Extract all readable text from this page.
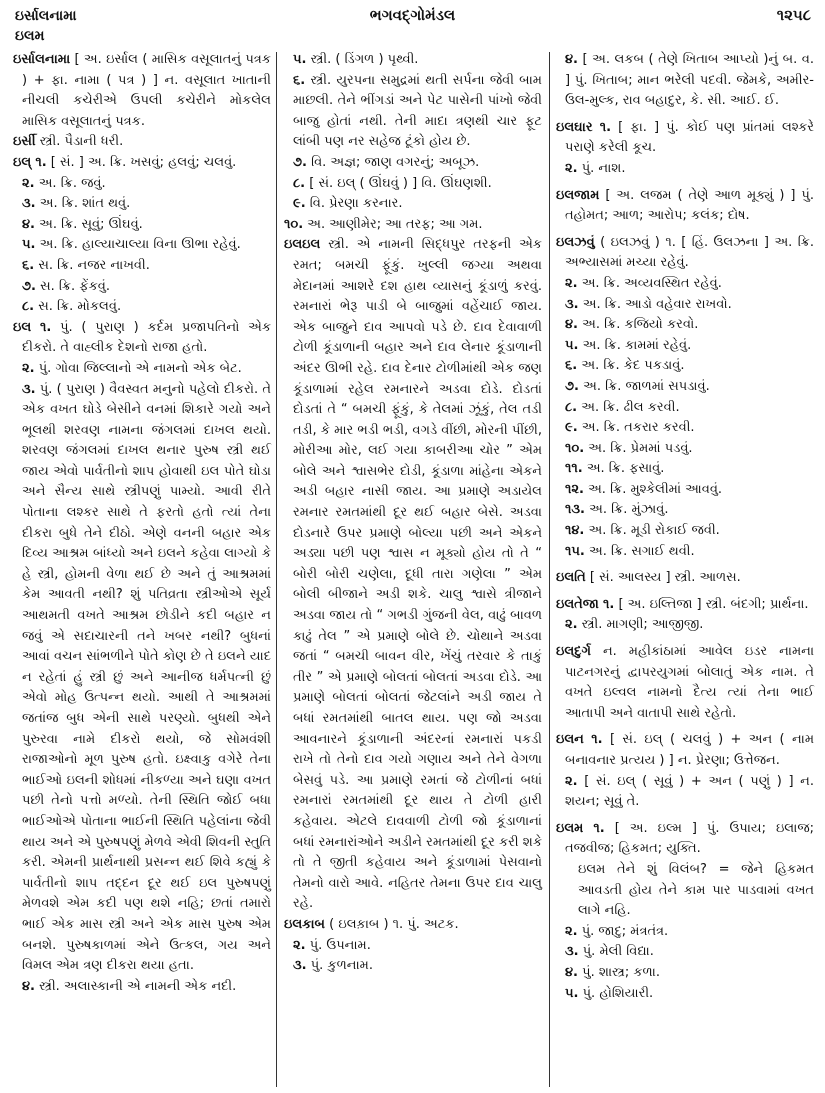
ઇર્સાલનામા
ઇલમ
ભગવદ્ગોમંડલ	૧૨૫૮

ઇર્સાલનામા [ અ. ઇર્સાલ ( માસિક વસૂલાતનું પત્રક ) + ફા. નામા ( પત્ર ) ] ન. વસૂલાત ખાતાની નીચલી કચેરીએ ઉપલી કચેરીને મોકલેલ માસિક વસૂલાતનું પત્રક.

ઇર્સી સ્ત્રી. પૈડાની ધરી.

ઇલ્ ૧. [ સં. ] અ. ક્રિ. ખસવું; હલવું; ચલવું.

૨. અ. ક્રિ. જવું.

૩. અ. ક્રિ. શાંત થવું.

૪. અ. ક્રિ. સૂવું; ઊંઘવું.

૫. અ. ક્રિ. હાલ્યાચાલ્યા વિના ઊભા રહેવું.

૬. સ. ક્રિ. નજર નાખવી.

૭. સ. ક્રિ. ફેંકવું.

૮. સ. ક્રિ. મોકલવું.

ઇલ ૧. પું. ( પુરાણ ) કર્દમ પ્રજાપતિનો એક દીકરો. તે વાહ્લીક દેશનો રાજા હતો.

૨. પું. ગોવા જિલ્લાનો એ નામનો એક બેટ.

૩. પું. ( પુરાણ ) વૈવસ્વત મનુનો પહેલો દીકરો. તે એક વખત ઘોડે બેસીને વનમાં શિકારે ગયો અને ભૂલથી શરવણ નામના જંગલમાં દાખલ થયો. શરવણ જંગલમાં દાખલ થનાર પુરુષ સ્ત્રી થઈ જાય એવો પાર્વતીનો શાપ હોવાથી ઇલ પોતે ઘોડા અને સૈન્ય સાથે સ્ત્રીપણું પામ્યો. આવી રીતે પોતાના લશ્કર સાથે તે ફરતો હતો ત્યાં તેના દીકરા બુધે તેને દીઠો. એણે વનની બહાર એક દિવ્ય આશ્રમ બાંધ્યો અને ઇલને કહેવા લાગ્યો કે હે સ્ત્રી, હોમની વેળા થઈ છે અને તું આશ્રમમાં કેમ આવતી નથી? શું પતિવ્રતા સ્ત્રીઓએ સૂર્ય આથમતી વખતે આશ્રમ છોડીને કદી બહાર ન જવું એ સદાચારની તને ખબર નથી? બુધનાં આવાં વચન સાંભળીને પોતે કોણ છે તે ઇલને યાદ ન રહેતાં હું સ્ત્રી છું અને આનીજ ધર્મપત્ની છું એવો મોહ ઉત્પન્ન થયો. આથી તે આશ્રમમાં જતાંજ બુધ એની સાથે પરણ્યો. બુધથી એને પુરુરવા નામે દીકરો થયો, જે સોમવંશી રાજાઓનો મૂળ પુરુષ હતો. ઇક્ષ્વાકુ વગેરે તેના ભાઈઓ ઇલની શોધમાં નીકળ્યા અને ઘણા વખત પછી તેનો પત્તો મળ્યો. તેની સ્થિતિ જોઈ બધા ભાઈઓએ પોતાના ભાઈની સ્થિતિ પહેલાંના જેવી થાય અને એ પુરુષપણું મેળવે એવી શિવની સ્તુતિ કરી. એમની પ્રાર્થનાથી પ્રસન્ન થઈ શિવે કહ્યું કે પાર્વતીનો શાપ તદ્દન દૂર થઈ ઇલ પુરુષપણું મેળવશે એમ કદી પણ થશે નહિ; છતાં તમારો ભાઈ એક માસ સ્ત્રી અને એક માસ પુરુષ એમ બનશે. પુરુષકાળમાં એને ઉત્કલ, ગય અને વિમલ એમ ત્રણ દીકરા થયા હતા.

૪. સ્ત્રી. અલાસ્કાની એ નામની એક નદી.

૫. સ્ત્રી. ( ડિંગળ ) પૃથ્વી.

૬. સ્ત્રી. યુરપના સમુદ્રમાં થતી સર્પના જેવી બામ માછલી. તેને ભીંગડાં અને પેટ પાસેની પાંખો જેવી બાજુ હોતાં નથી. તેની માદા ત્રણથી ચાર ફૂટ લાંબી પણ નર સહેજ ટૂંકો હોય છે.

૭. વિ. અજ્ઞ; જાણ વગરનું; અબૂઝ.

૮. [ સં. ઇલ્ ( ઊંઘવું ) ] વિ. ઊંઘણશી.

૯. વિ. પ્રેરણા કરનાર.

૧૦. અ. આણીમેર; આ તરફ; આ ગમ.

ઇલઇલ સ્ત્રી. એ નામની સિદ્ધપુર તરફની એક રમત; બમચી ફૂંકું. ખુલ્લી જગ્યા અથવા મેદાનમાં આશરે દશ હાથ વ્યાસનું કૂંડાળું કરવું. રમનારાં ભેરૂ પાડી બે બાજુમાં વહેંચાઈ જાય. એક બાજુને દાવ આપવો પડે છે. દાવ દેવાવાળી ટોળી કૂંડાળાની બહાર અને દાવ લેનાર કૂંડાળાની અંદર ઊભી રહે. દાવ દેનાર ટોળીમાંથી એક જણ કૂંડાળામાં રહેલ રમનારને અડવા દોડે. દોડતાં દોડતાં તે “ બમચી ફૂંકું, કે તેલમાં ઝૂંકું, તેલ તડી તડી, કે માર ભડી ભડી, વગડે વીંછી, મોરની પીંછી, મોરીઆ મોર, લઈ ગયા કાબરીઆ ચોર ” એમ બોલે અને શ્વાસભેર દોડી, કૂંડાળા માંહેના એકને અડી બહાર નાસી જાય. આ પ્રમાણે અડાયેલ રમનાર રમતમાંથી દૂર થઈ બહાર બેસે. અડવા દોડનારે ઉપર પ્રમાણે બોલ્યા પછી અને એકને અડ્યા પછી પણ શ્વાસ ન મૂક્યો હોય તો તે “ બોરી બોરી ચણેલા, દૂધી તારા ગણેલા ” એમ બોલી બીજાને અડી શકે. ચાલુ શ્વાસે ત્રીજાને અડવા જાય તો “ ગભડી ગુંજની વેલ, વાઢું બાવળ કાઢું તેલ ” એ પ્રમાણે બોલે છે. ચોથાને અડવા જતાં “ બમચી બાવન વીર, ખેંચું તરવાર કે તાકું તીર ” એ પ્રમાણે બોલતાં બોલતાં અડવા દોડે. આ પ્રમાણે બોલતાં બોલતાં જેટલાંને અડી જાય તે બધાં રમતમાંથી બાતલ થાય. પણ જો અડવા આવનારને કૂંડાળાની અંદરનાં રમનારાં પકડી રાખે તો તેનો દાવ ગયો ગણાય અને તેને વેગળા બેસવું પડે. આ પ્રમાણે રમતાં જે ટોળીનાં બધાં રમનારાં રમતમાંથી દૂર થાય તે ટોળી હારી કહેવાય. એટલે દાવવાળી ટોળી જો કૂંડાળાનાં બધાં રમનારાંઓને અડીને રમતમાંથી દૂર કરી શકે તો તે જીતી કહેવાય અને કૂંડાળામાં પેસવાનો તેમનો વારો આવે. નહિતર તેમના ઉપર દાવ ચાલુ રહે.

ઇલકાબ ( ઇલક઼ાબ ) ૧. પું. અટક.

૨. પું. ઉપનામ.

૩. પું. કુળનામ.

૪. [ અ. લકબ ( તેણે ખિતાબ આપ્યો )નું બ. વ. ] પું. ખિતાબ; માન ભરેલી પદવી. જેમકે, અમીર-ઉલ-મુલ્ક, રાવ બહાદુર, કે. સી. આઈ. ઈ.

ઇલઘાર ૧. [ ફા. ] પું. કોઈ પણ પ્રાંતમાં લશ્કરે પરાણે કરેલી કૂચ.

૨. પું. નાશ.

ઇલજામ [ અ. લજમ ( તેણે આળ મૂક્યું ) ] પું. તહોમત; આળ; આરોપ; કલંક; દોષ.

ઇલઝવું ( ઇલઝવું ) ૧. [ હિં. ઉલઝના ] અ. ક્રિ. અભ્યાસમાં મચ્યા રહેવું.

૨. અ. ક્રિ. અવ્યવસ્થિત રહેવું.

૩. અ. ક્રિ. આડો વહેવાર રાખવો.

૪. અ. ક્રિ. કજિયો કરવો.

૫. અ. ક્રિ. કામમાં રહેવું.

૬. અ. ક્રિ. કેદ પકડાવું.

૭. અ. ક્રિ. જાળમાં સપડાવું.

૮. અ. ક્રિ. ઢીલ કરવી.

૯. અ. ક્રિ. તકરાર કરવી.

૧૦. અ. ક્રિ. પ્રેમમાં પડવું.

૧૧. અ. ક્રિ. ફસાવું.

૧૨. અ. ક્રિ. મુશ્કેલીમાં આવવું.

૧૩. અ. ક્રિ. મુંઝાવું.

૧૪. અ. ક્રિ. મૂડી રોકાઈ જવી.

૧૫. અ. ક્રિ. સગાઈ થવી.

ઇલતિ [ સં. આલસ્ય ] સ્ત્રી. આળસ.

ઇલતેજા ૧. [ અ. ઇલ્તિજા ] સ્ત્રી. બંદગી; પ્રાર્થના.

૨. સ્ત્રી. માગણી; આજીજી.

ઇલદુર્ગ ન. મહીકાંઠામાં આવેલ ઇડર નામના પાટનગરનું દ્વાપરયુગમાં બોલાતું એક નામ. તે વખતે ઇલ્વલ નામનો દૈત્ય ત્યાં તેના ભાઈ આતાપી અને વાતાપી સાથે રહેતો.

ઇલન ૧. [ સં. ઇલ્ ( ચલવું ) + અન ( નામ બનાવનાર પ્રત્યય ) ] ન. પ્રેરણા; ઉત્તેજન.

૨. [ સં. ઇલ્ ( સૂવું ) + અન ( પણું ) ] ન. શયન; સૂવું તે.

ઇલમ ૧. [ અ. ઇલ્મ ] પું. ઉપાય; ઇલાજ; તજવીજ; હિકમત; યુક્તિ.

ઇલમ તેને શું વિલંબ? = જેને હિકમત આવડતી હોય તેને કામ પાર પાડવામાં વખત લાગે નહિ.

૨. પું. જાદુ; મંત્રતંત્ર.

૩. પું. મેલી વિદ્યા.

૪. પું. શાસ્ત્ર; કળા.

૫. પું. હોશિયારી.
